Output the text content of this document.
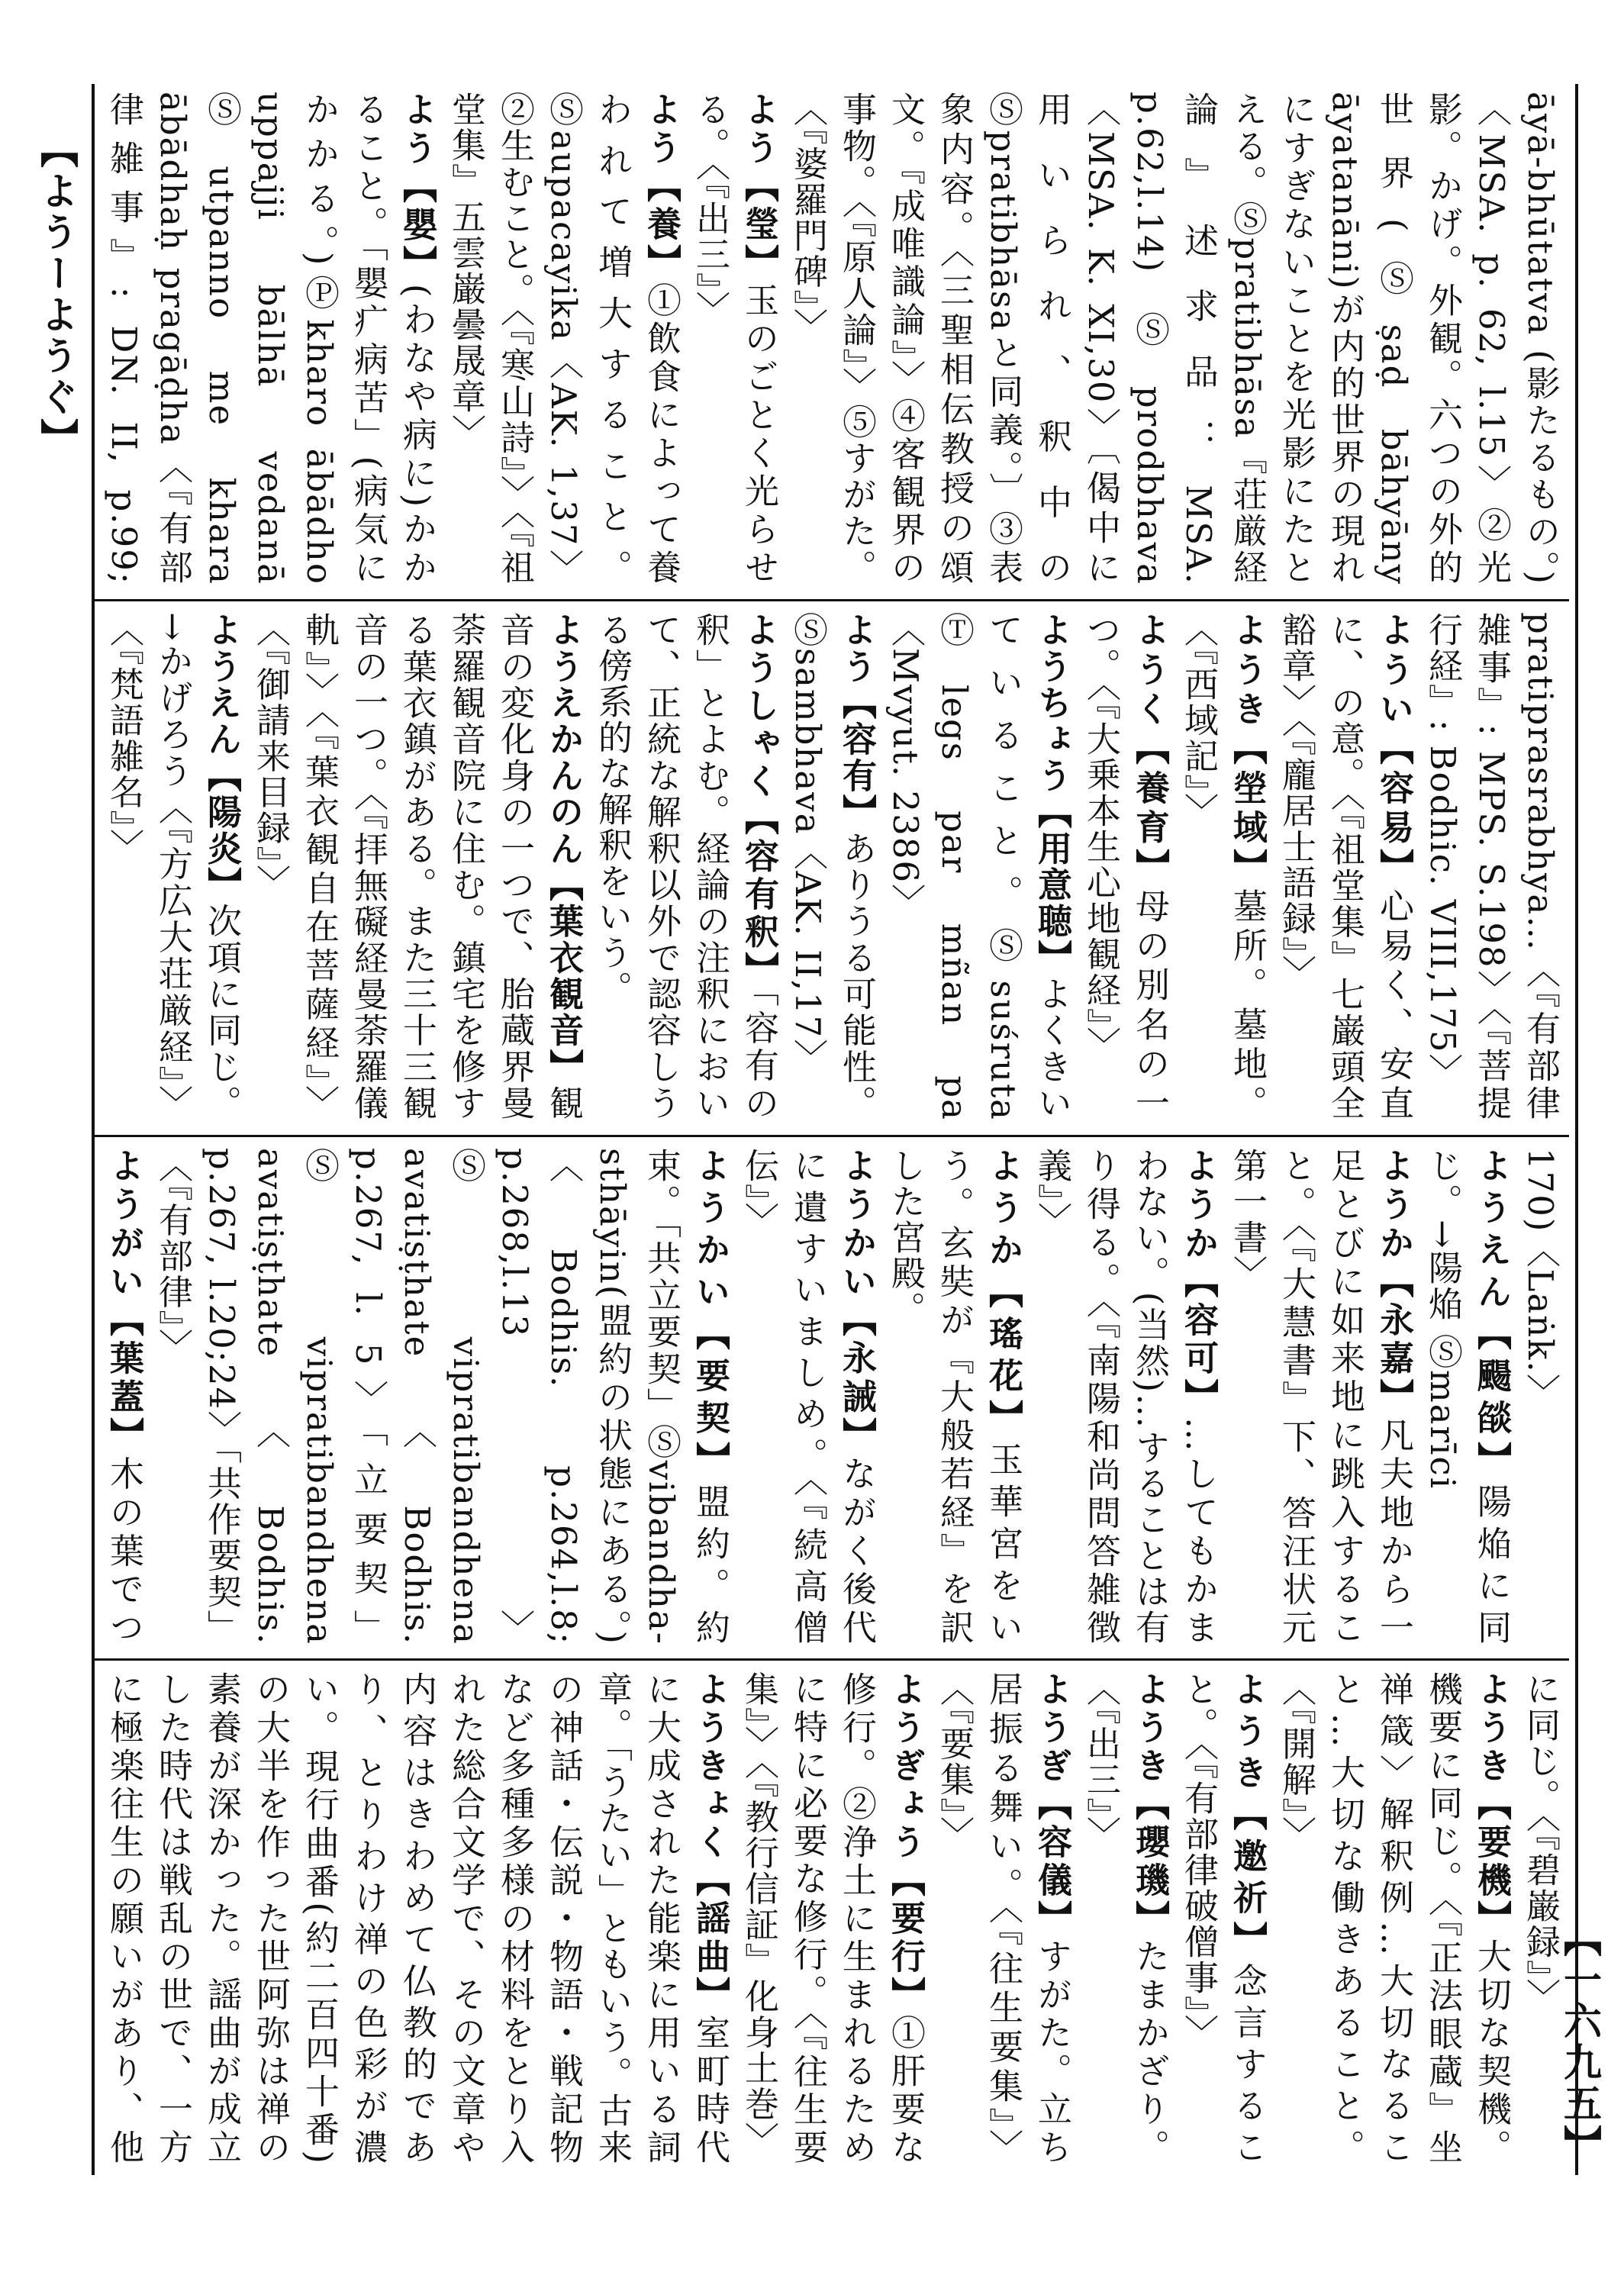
【ようーようぐ】
【一六九五】
āyā-bhūtatva (影たるもの。)〈MSA. p. 62, l.15〉②光影。かげ。外観。六つの外的世界(Ⓢṣaḍ bāhyāny āyatanāni)が内的世界の現れにすぎないことを光影にたとえる。Ⓢpratibhāsa『荘厳経論』述求品：MSA. p.62,l.14)Ⓢprodbhava〈MSA. K. XI,30〉〔偈中に用いられ、釈中のⓈpratibhāsaと同義。〕③表象内容。〈三聖相伝教授の頌文。『成唯識論』〉④客観界の事物。〈『原人論』〉⑤すがた。〈『婆羅門碑』〉
よう【瑩】玉のごとく光らせる。〈『出三』〉
よう【養】①飲食によって養われて増大すること。Ⓢaupacayika〈AK. 1,37〉②生むこと。〈『寒山詩』〉〈『祖堂集』五雲巌曇晟章〉
よう【嬰】(わなや病に)かかること。「嬰疒病苦」(病気にかかる。)Ⓟkharo ābādho uppajji bālhā vedanā Ⓢutpanno me khara ābādhaḥ pragāḍha〈『有部律雑事』: DN. II, p.99;
pratiprasrabhya…〈『有部律雑事』: MPS. S.198〉〈『菩提行経』: Bodhic. VIII,175〉
ようい【容易】心易く、安直に、の意。〈『祖堂集』七巌頭全豁章〉〈『龐居士語録』〉
ようき【塋域】墓所。墓地。〈『西域記』〉
ようく【養育】母の別名の一つ。〈『大乗本生心地観経』〉
ようちょう【用意聴】よくきいていること。Ⓢsuśruta Ⓣlegs par mñan pa〈Mvyut. 2386〉
よう【容有】ありうる可能性。Ⓢsambhava〈AK. II,17〉
ようしゃく【容有釈】「容有の釈」とよむ。経論の注釈において、正統な解釈以外で認容しうる傍系的な解釈をいう。
ようえかんのん【葉衣観音】観音の変化身の一つで、胎蔵界曼荼羅観音院に住む。鎮宅を修する葉衣鎮がある。また三十三観音の一つ。〈『拝無礙経曼荼羅儀軌』〉〈『葉衣観自在菩薩経』〉〈『御請来目録』〉
ようえん【陽炎】次項に同じ。→かげろう〈『方広大荘厳経』〉〈『梵語雑名』〉
170)〈Laṅk.〉
ようえん【颺燄】陽焔に同じ。→陽焔 Ⓢmarīci
ようか【永嘉】凡夫地から一足とびに如来地に跳入すること。〈『大慧書』下、答汪状元第一書〉
ようか【容可】…してもかまわない。(当然)…することは有り得る。〈『南陽和尚問答雑徴義』〉
ようか【瑤花】玉華宮をいう。玄奘が『大般若経』を訳した宮殿。
ようかい【永誡】ながく後代に遺すいましめ。〈『続高僧伝』〉
ようかい【要契】盟約。約束。「共立要契」Ⓢvibandha-sthāyin(盟約の状態にある。)〈Bodhis. p.264,l.8; p.268,l.13〉Ⓢvipratibandhena avatiṣṭhate〈Bodhis. p.267, l. 5〉「立要契」Ⓢvipratibandhena avatiṣṭhate〈Bodhis. p.267, l.20;24〉「共作要契」〈『有部律』〉
ようがい【葉蓋】木の葉でつ
に同じ。〈『碧巌録』〉
ようき【要機】大切な契機。機要に同じ。〈『正法眼蔵』坐禅箴〉解釈例…大切なること…大切な働きあること。〈『開解』〉
ようき【邀祈】念言すること。〈『有部律破僧事』〉
ようき【瓔璣】たまかざり。〈『出三』〉
ようぎ【容儀】すがた。立ち居振る舞い。〈『往生要集』〉〈『要集』〉
ようぎょう【要行】①肝要な修行。②浄土に生まれるために特に必要な修行。〈『往生要集』〉〈『教行信証』化身土巻〉
ようきょく【謡曲】室町時代に大成された能楽に用いる詞章。「うたい」ともいう。古来の神話・伝説・物語・戦記物など多種多様の材料をとり入れた総合文学で、その文章や内容はきわめて仏教的であり、とりわけ禅の色彩が濃い。現行曲番(約二百四十番)の大半を作った世阿弥は禅の素養が深かった。謡曲が成立した時代は戦乱の世で、一方に極楽往生の願いがあり、他
